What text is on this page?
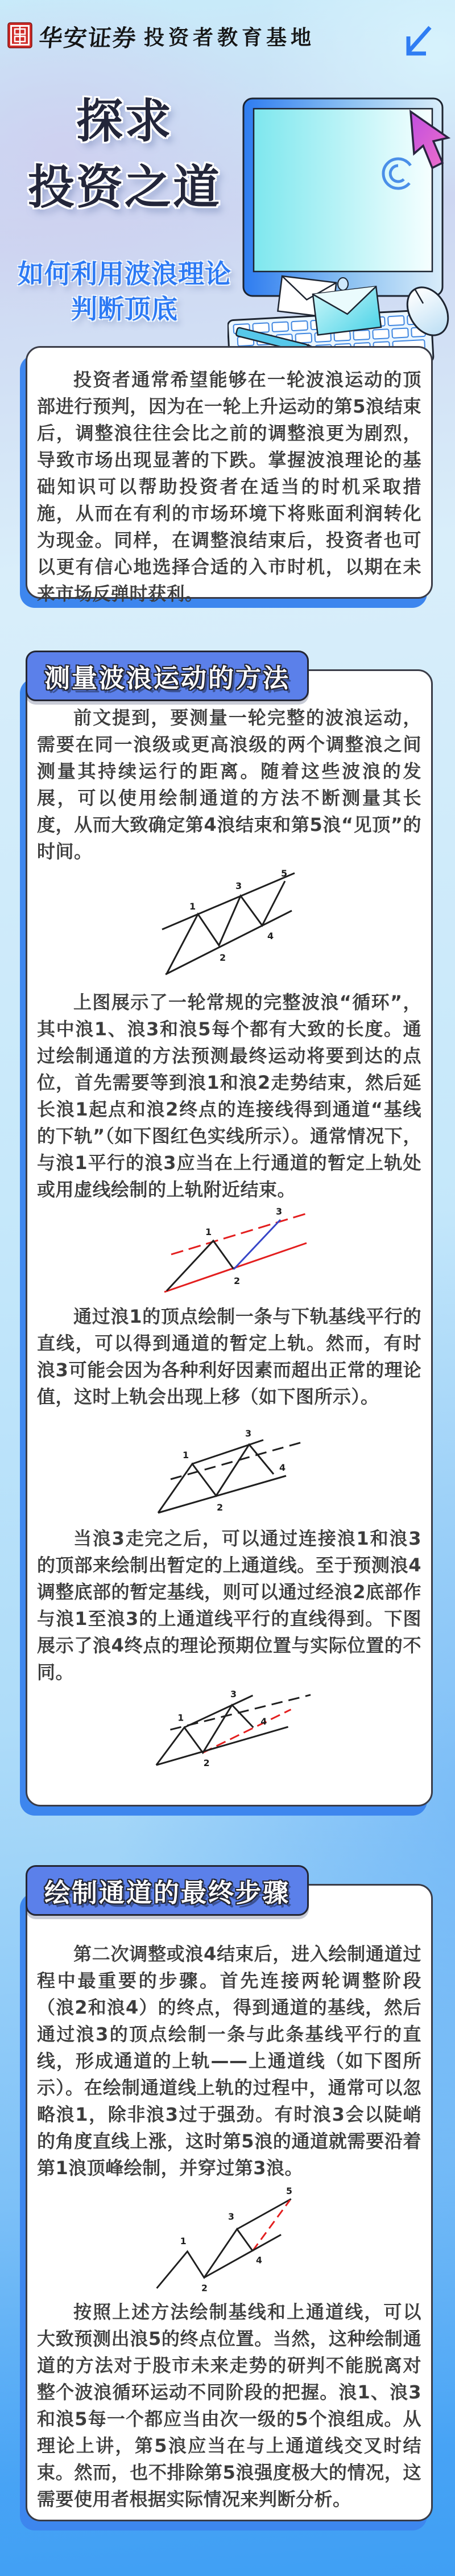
华安证券 投资者教育基地
探求
投资之道
如何利用波浪理论
判断顶底

投资者通常希望能够在一轮波浪运动的顶部进行预判，因为在一轮上升运动的第5浪结束后，调整浪往往会比之前的调整浪更为剧烈，导致市场出现显著的下跌。掌握波浪理论的基础知识可以帮助投资者在适当的时机采取措施，从而在有利的市场环境下将账面利润转化为现金。同样，在调整浪结束后，投资者也可以更有信心地选择合适的入市时机，以期在未来市场反弹时获利。

测量波浪运动的方法

前文提到，要测量一轮完整的波浪运动，需要在同一浪级或更高浪级的两个调整浪之间测量其持续运行的距离。随着这些波浪的发展，可以使用绘制通道的方法不断测量其长度，从而大致确定第4浪结束和第5浪“见顶”的时间。

1
2
3
4
5

上图展示了一轮常规的完整波浪“循环”，其中浪1、浪3和浪5每个都有大致的长度。通过绘制通道的方法预测最终运动将要到达的点位，首先需要等到浪1和浪2走势结束，然后延长浪1起点和浪2终点的连接线得到通道“基线的下轨”（如下图红色实线所示）。通常情况下，与浪1平行的浪3应当在上行通道的暂定上轨处或用虚线绘制的上轨附近结束。

1
2
3

通过浪1的顶点绘制一条与下轨基线平行的直线，可以得到通道的暂定上轨。然而，有时浪3可能会因为各种利好因素而超出正常的理论值，这时上轨会出现上移（如下图所示）。

1
2
3
4

当浪3走完之后，可以通过连接浪1和浪3的顶部来绘制出暂定的上通道线。至于预测浪4调整底部的暂定基线，则可以通过经浪2底部作与浪1至浪3的上通道线平行的直线得到。下图展示了浪4终点的理论预期位置与实际位置的不同。

1
2
3
4
绘制通道的最终步骤

第二次调整或浪4结束后，进入绘制通道过程中最重要的步骤。首先连接两轮调整阶段（浪2和浪4）的终点，得到通道的基线，然后通过浪3的顶点绘制一条与此条基线平行的直线，形成通道的上轨——上通道线（如下图所示）。在绘制通道线上轨的过程中，通常可以忽略浪1，除非浪3过于强劲。有时浪3会以陡峭的角度直线上涨，这时第5浪的通道就需要沿着第1浪顶峰绘制，并穿过第3浪。

1
2
3
4
5

按照上述方法绘制基线和上通道线，可以大致预测出浪5的终点位置。当然，这种绘制通道的方法对于股市未来走势的研判不能脱离对整个波浪循环运动不同阶段的把握。浪1、浪3和浪5每一个都应当由次一级的5个浪组成。从理论上讲，第5浪应当在与上通道线交叉时结束。然而，也不排除第5浪强度极大的情况，这需要使用者根据实际情况来判断分析。
